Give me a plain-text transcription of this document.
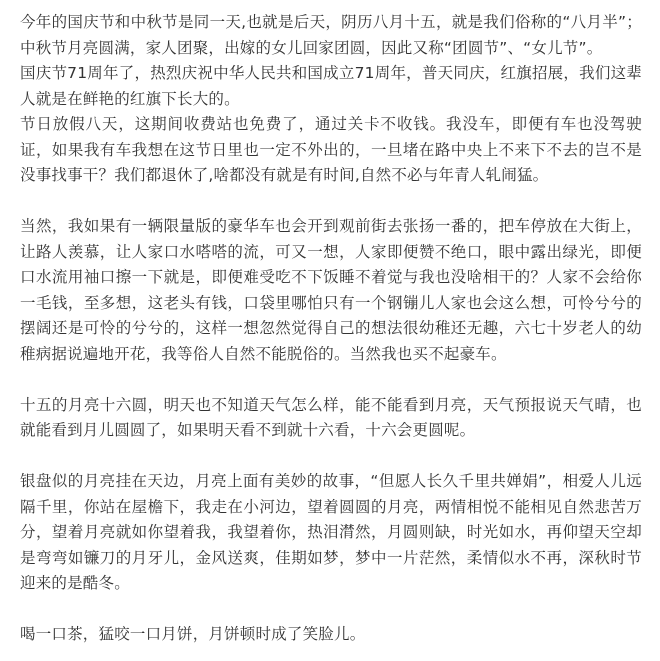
今年的国庆节和中秋节是同一天,也就是后天，阴历八月十五，就是我们俗称的“八月半”；中秋节月亮圆满，家人团聚，出嫁的女儿回家团圆，因此又称“团圆节”、“女儿节”。

国庆节71周年了，热烈庆祝中华人民共和国成立71周年，普天同庆，红旗招展，我们这辈人就是在鲜艳的红旗下长大的。

节日放假八天，这期间收费站也免费了，通过关卡不收钱。我没车，即便有车也没驾驶证，如果我有车我想在这节日里也一定不外出的，一旦堵在路中央上不来下不去的岂不是没事找事干？我们都退休了,啥都没有就是有时间,自然不必与年青人轧闹猛。

当然，我如果有一辆限量版的豪华车也会开到观前街去张扬一番的，把车停放在大街上，让路人羡慕，让人家口水嗒嗒的流，可又一想，人家即便赞不绝口，眼中露出绿光，即便口水流用袖口擦一下就是，即便难受吃不下饭睡不着觉与我也没啥相干的？人家不会给你一毛钱，至多想，这老头有钱，口袋里哪怕只有一个钢镚儿人家也会这么想，可怜兮兮的摆阔还是可怜的兮兮的，这样一想忽然觉得自己的想法很幼稚还无趣，六七十岁老人的幼稚病据说遍地开花，我等俗人自然不能脱俗的。当然我也买不起豪车。

十五的月亮十六圆，明天也不知道天气怎么样，能不能看到月亮，天气预报说天气晴，也就能看到月儿圆圆了，如果明天看不到就十六看，十六会更圆呢。

银盘似的月亮挂在天边，月亮上面有美妙的故事，“但愿人长久千里共婵娟”，相爱人儿远隔千里，你站在屋檐下，我走在小河边，望着圆圆的月亮，两情相悦不能相见自然悲苦万分，望着月亮就如你望着我，我望着你，热泪潸然，月圆则缺，时光如水，再仰望天空却是弯弯如镰刀的月牙儿，金风送爽，佳期如梦，梦中一片茫然，柔情似水不再，深秋时节迎来的是酷冬。

喝一口茶，猛咬一口月饼，月饼顿时成了笑脸儿。
